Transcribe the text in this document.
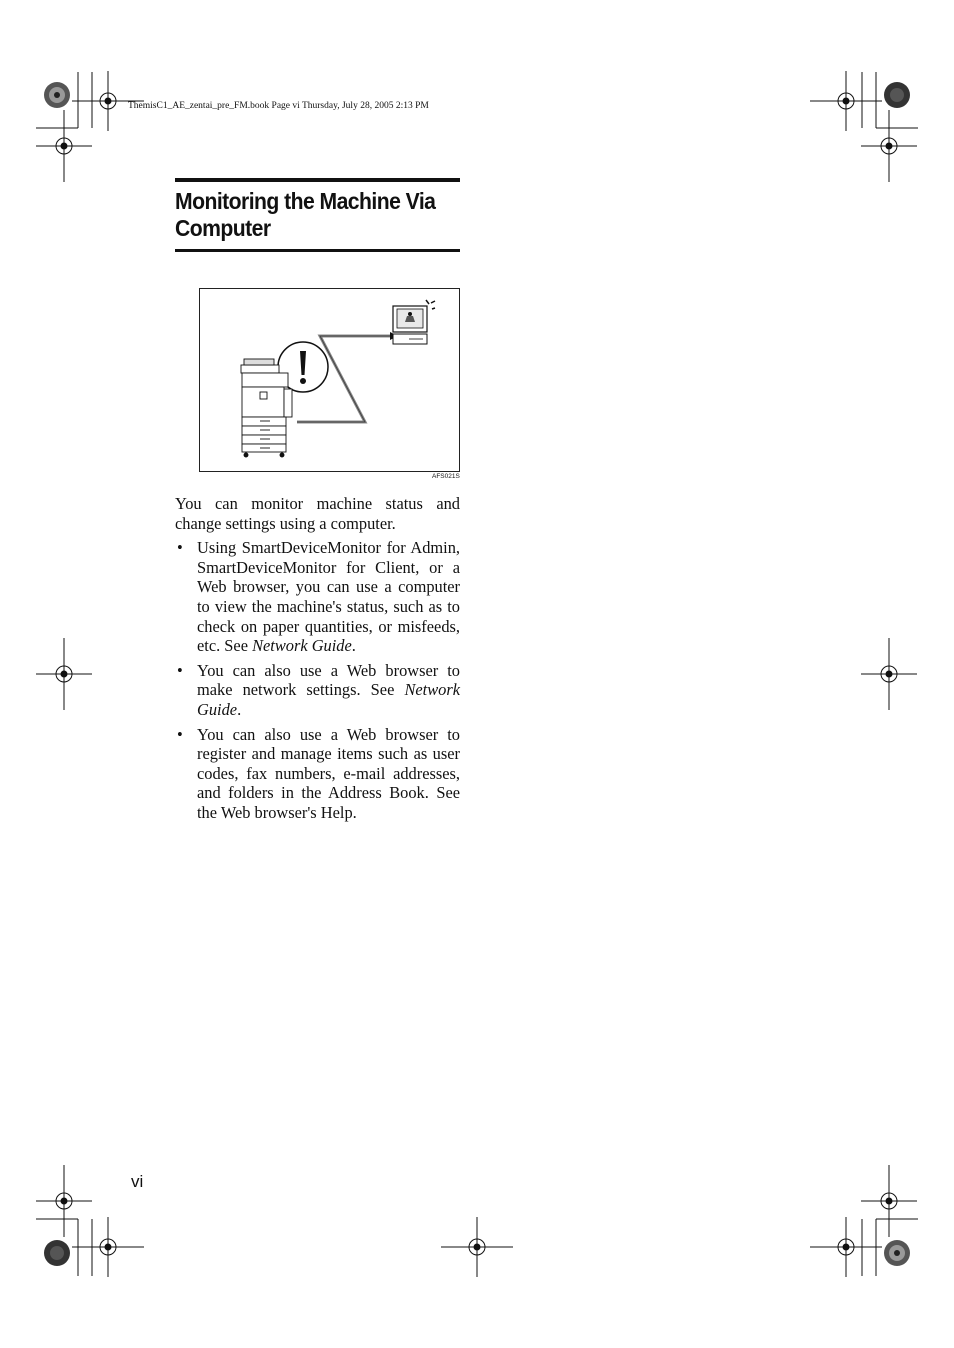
ThemisC1_AE_zentai_pre_FM.book Page vi Thursday, July 28, 2005 2:13 PM
Monitoring the Machine Via Computer
AFS021S

You can monitor machine status and change settings using a computer.

• Using SmartDeviceMonitor for Admin, SmartDeviceMonitor for Client, or a Web browser, you can use a computer to view the machine's status, such as to check on paper quantities, or misfeeds, etc. See Network Guide.
• You can also use a Web browser to make network settings. See Network Guide.
• You can also use a Web browser to register and manage items such as user codes, fax numbers, e-mail addresses, and folders in the Address Book. See the Web browser's Help.
vi
